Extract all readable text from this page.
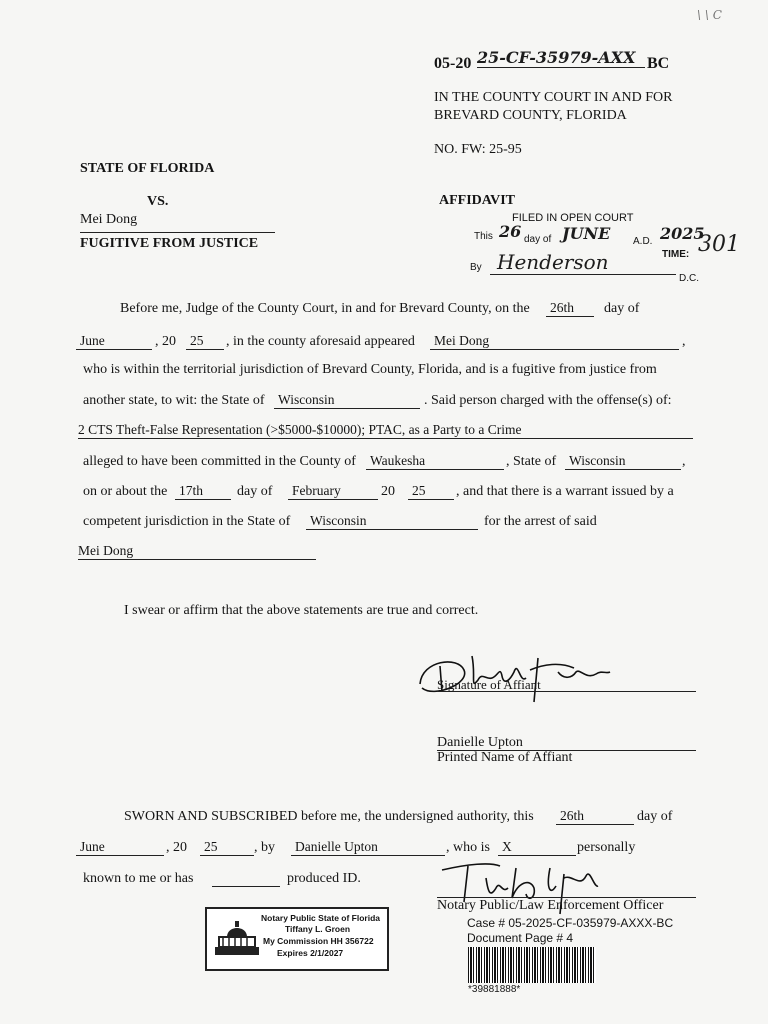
05-20 25-CF-35979-AXX BC
\ \ C
IN THE COUNTY COURT IN AND FOR
BREVARD COUNTY, FLORIDA
NO. FW: 25-95
STATE OF FLORIDA
VS.
Mei Dong
FUGITIVE FROM JUSTICE
AFFIDAVIT
FILED IN OPEN COURT
This 26 day of JUNE A.D. 2025
TIME: 301
By Henderson
D.C.
Before me, Judge of the County Court, in and for Brevard County, on the 26th	day of
June	, 20 25	, in the county aforesaid appeared Mei Dong	,
who is within the territorial jurisdiction of Brevard County, Florida, and is a fugitive from justice from
another state, to wit: the State of Wisconsin	. Said person charged with the offense(s) of:
2 CTS Theft-False Representation (>$5000-$10000); PTAC, as a Party to a Crime
alleged to have been committed in the County of Waukesha	, State of Wisconsin	,
on or about the 17th	day of February	20 25	, and that there is a warrant issued by a
competent jurisdiction in the State of Wisconsin	for the arrest of said
Mei Dong
I swear or affirm that the above statements are true and correct.
Signature of Affiant
Danielle Upton
Printed Name of Affiant
SWORN AND SUBSCRIBED before me, the undersigned authority, this 26th	day of
June	, 20 25	, by Danielle Upton	, who is X	personally
known to me or has	produced ID.
Notary Public/Law Enforcement Officer
Notary Public State of Florida
Tiffany L. Groen
My Commission HH 356722
Expires 2/1/2027
Case # 05-2025-CF-035979-AXXX-BC
Document Page # 4
*39881888*
